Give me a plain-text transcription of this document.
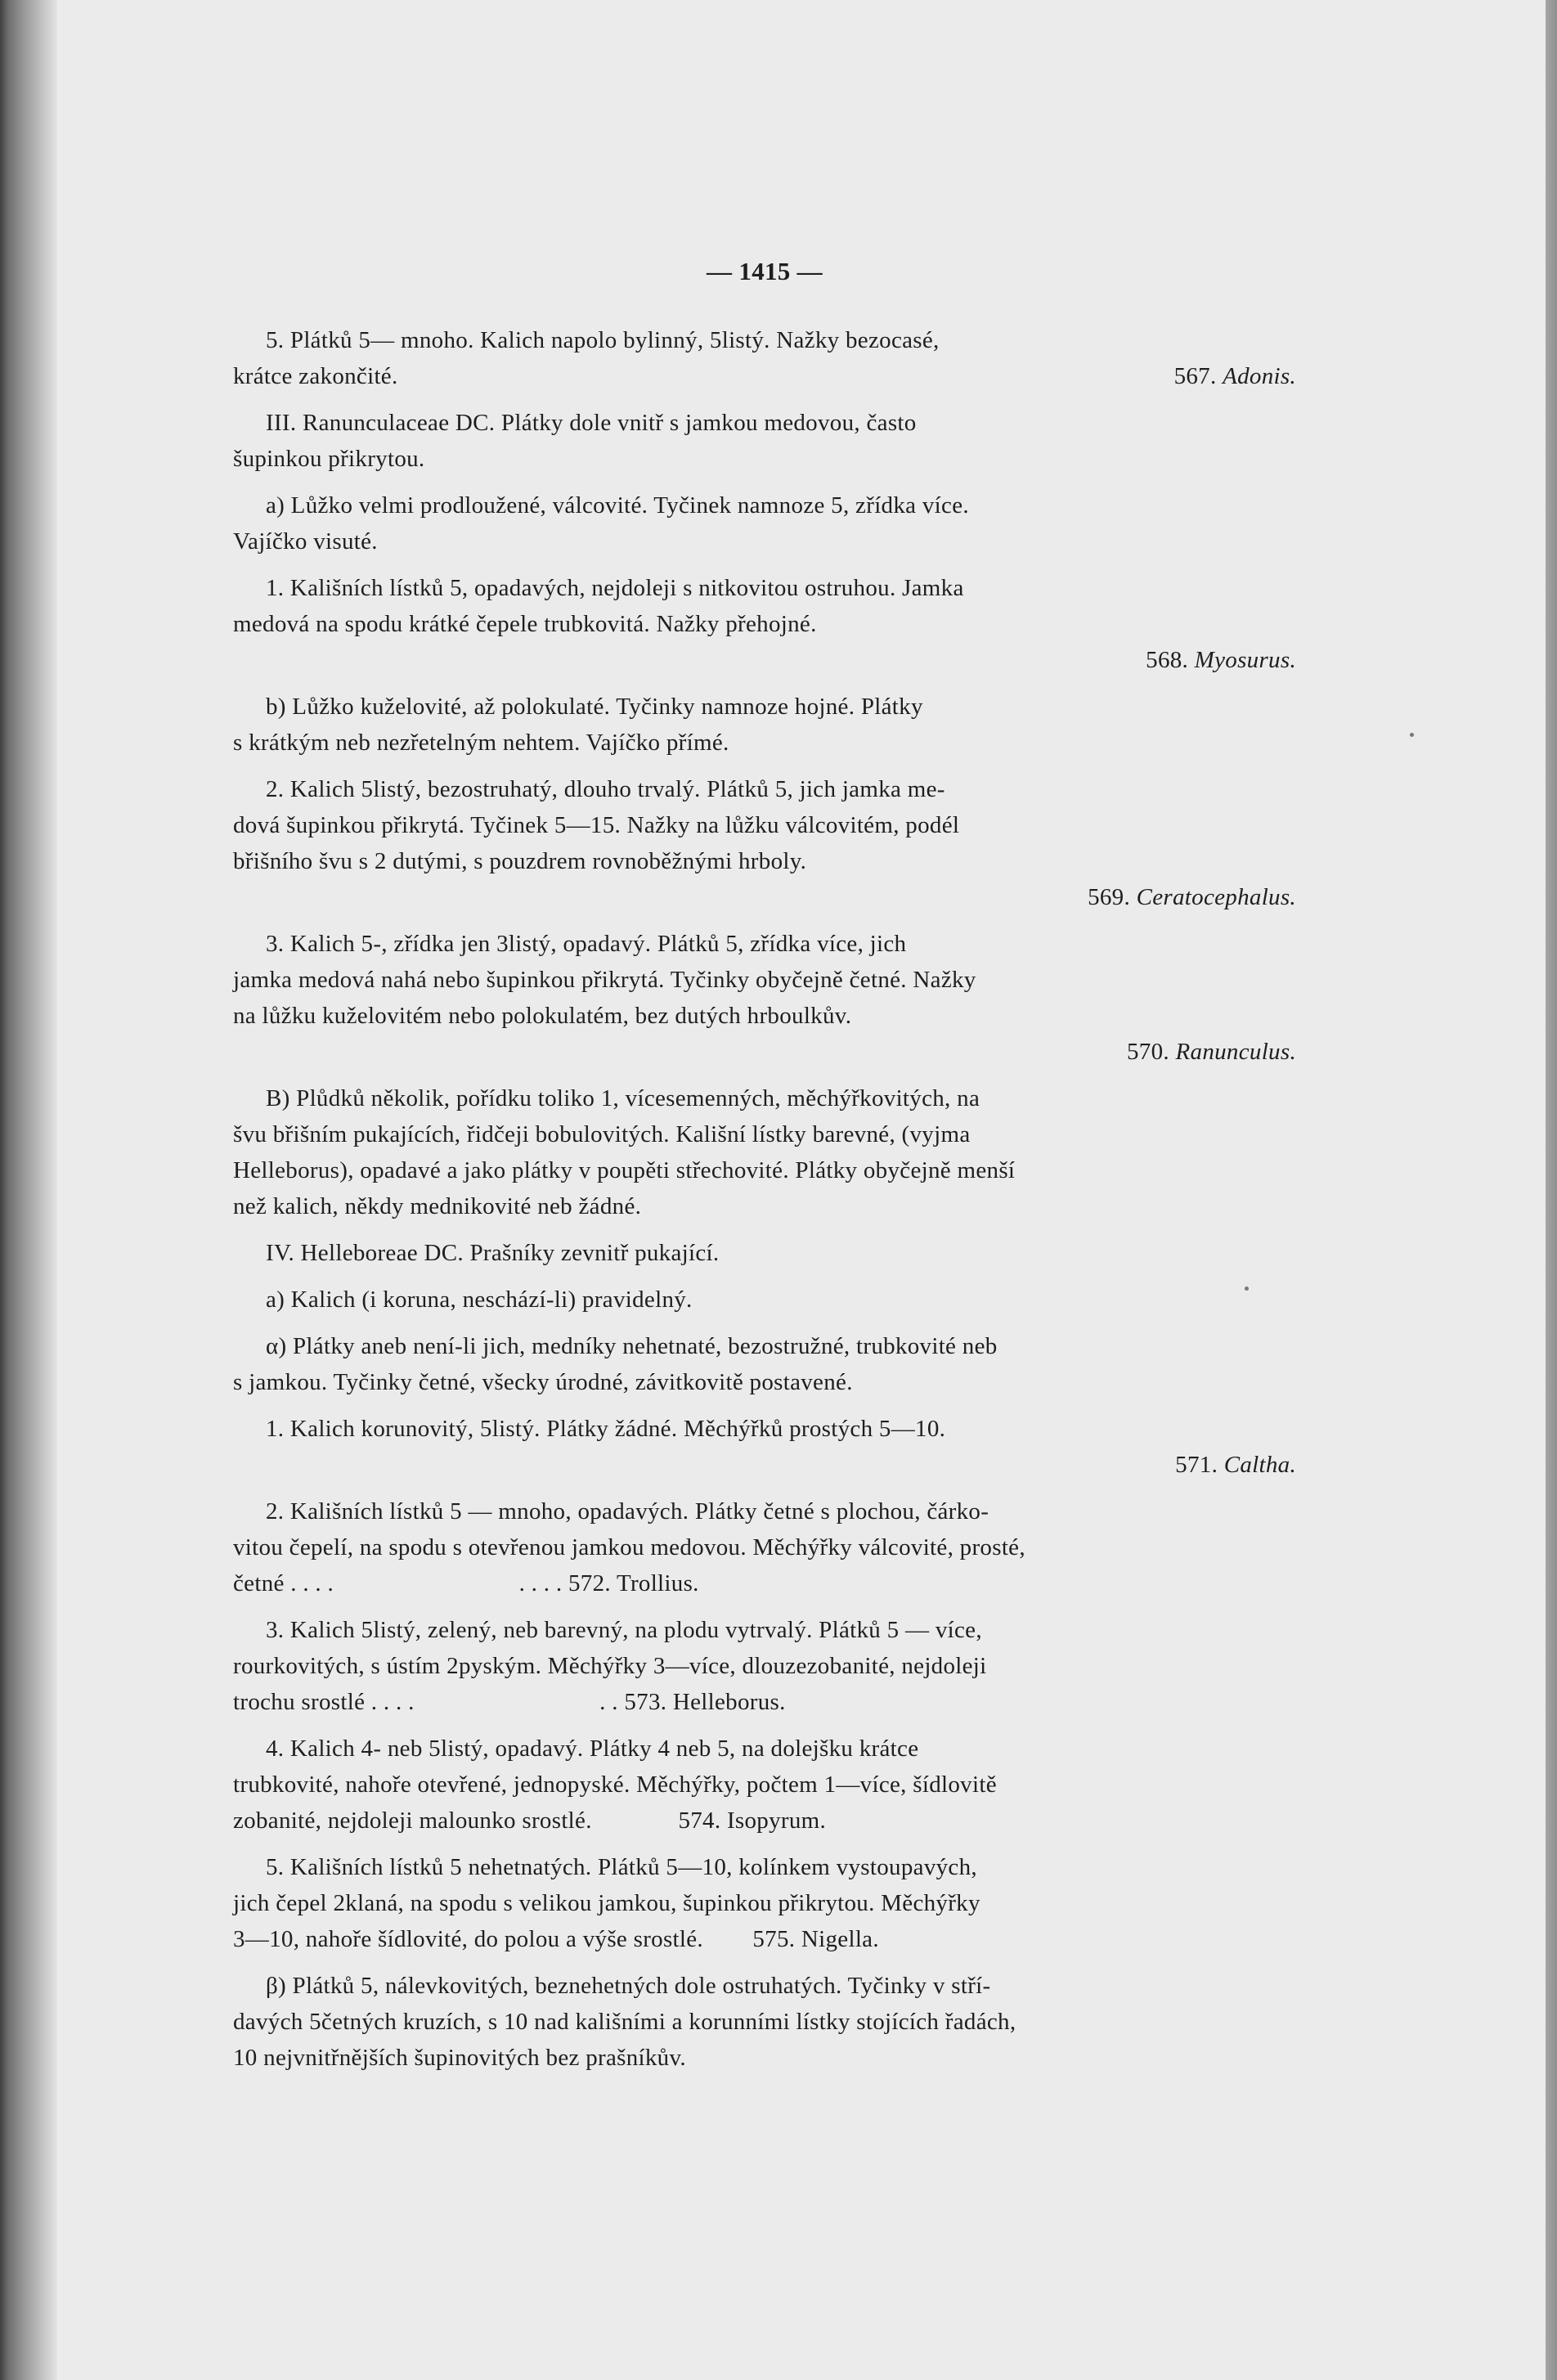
— 1415 —
5. Plátků 5— mnoho. Kalich napolo bylinný, 5listý. Nažky bezocasé,
krátce zakončité.	567. Adonis.
III. Ranunculaceae DC. Plátky dole vnitř s jamkou medovou, často
šupinkou přikrytou.
a) Lůžko velmi prodloužené, válcovité. Tyčinek namnoze 5, zřídka více.
Vajíčko visuté.
1. Kališních lístků 5, opadavých, nejdoleji s nitkovitou ostruhou. Jamka
medová na spodu krátké čepele trubkovitá. Nažky přehojné.
568. Myosurus.
b) Lůžko kuželovité, až polokulaté. Tyčinky namnoze hojné. Plátky
s krátkým neb nezřetelným nehtem. Vajíčko přímé.
2. Kalich 5listý, bezostruhatý, dlouho trvalý. Plátků 5, jich jamka me-
dová šupinkou přikrytá. Tyčinek 5—15. Nažky na lůžku válcovitém, podél
břišního švu s 2 dutými, s pouzdrem rovnoběžnými hrboly.
569. Ceratocephalus.
3. Kalich 5-, zřídka jen 3listý, opadavý. Plátků 5, zřídka více, jich
jamka medová nahá nebo šupinkou přikrytá. Tyčinky obyčejně četné. Nažky
na lůžku kuželovitém nebo polokulatém, bez dutých hrboulkův.
570. Ranunculus.
B) Plůdků několik, pořídku toliko 1, vícesemenných, měchýřkovitých, na
švu břišním pukajících, řidčeji bobulovitých. Kališní lístky barevné, (vyjma
Helleborus), opadavé a jako plátky v poupěti střechovité. Plátky obyčejně menší
než kalich, někdy mednikovité neb žádné.
IV. Helleboreae DC. Prašníky zevnitř pukající.
a) Kalich (i koruna, neschází-li) pravidelný.
α) Plátky aneb není-li jich, medníky nehetnaté, bezostružné, trubkovité neb
s jamkou. Tyčinky četné, všecky úrodné, závitkovitě postavené.
1. Kalich korunovitý, 5listý. Plátky žádné. Měchýřků prostých 5—10.
571. Caltha.
2. Kališních lístků 5 — mnoho, opadavých. Plátky četné s plochou, čárko-
vitou čepelí, na spodu s otevřenou jamkou medovou. Měchýřky válcovité, prosté,
četné . . . .                              . . . . 572. Trollius.
3. Kalich 5listý, zelený, neb barevný, na plodu vytrvalý. Plátků 5 — více,
rourkovitých, s ústím 2pyským. Měchýřky 3—více, dlouzezobanité, nejdoleji
trochu srostlé . . . .                              . . 573. Helleborus.
4. Kalich 4- neb 5listý, opadavý. Plátky 4 neb 5, na dolejšku krátce
trubkovité, nahoře otevřené, jednopyské. Měchýřky, počtem 1—více, šídlovitě
zobanité, nejdoleji malounko srostlé.              574. Isopyrum.
5. Kališních lístků 5 nehetnatých. Plátků 5—10, kolínkem vystoupavých,
jich čepel 2klaná, na spodu s velikou jamkou, šupinkou přikrytou. Měchýřky
3—10, nahoře šídlovité, do polou a výše srostlé.        575. Nigella.
β) Plátků 5, nálevkovitých, beznehetných dole ostruhatých. Tyčinky v stří-
davých 5četných kruzích, s 10 nad kališními a korunními lístky stojících řadách,
10 nejvnitřnějších šupinovitých bez prašníkův.
